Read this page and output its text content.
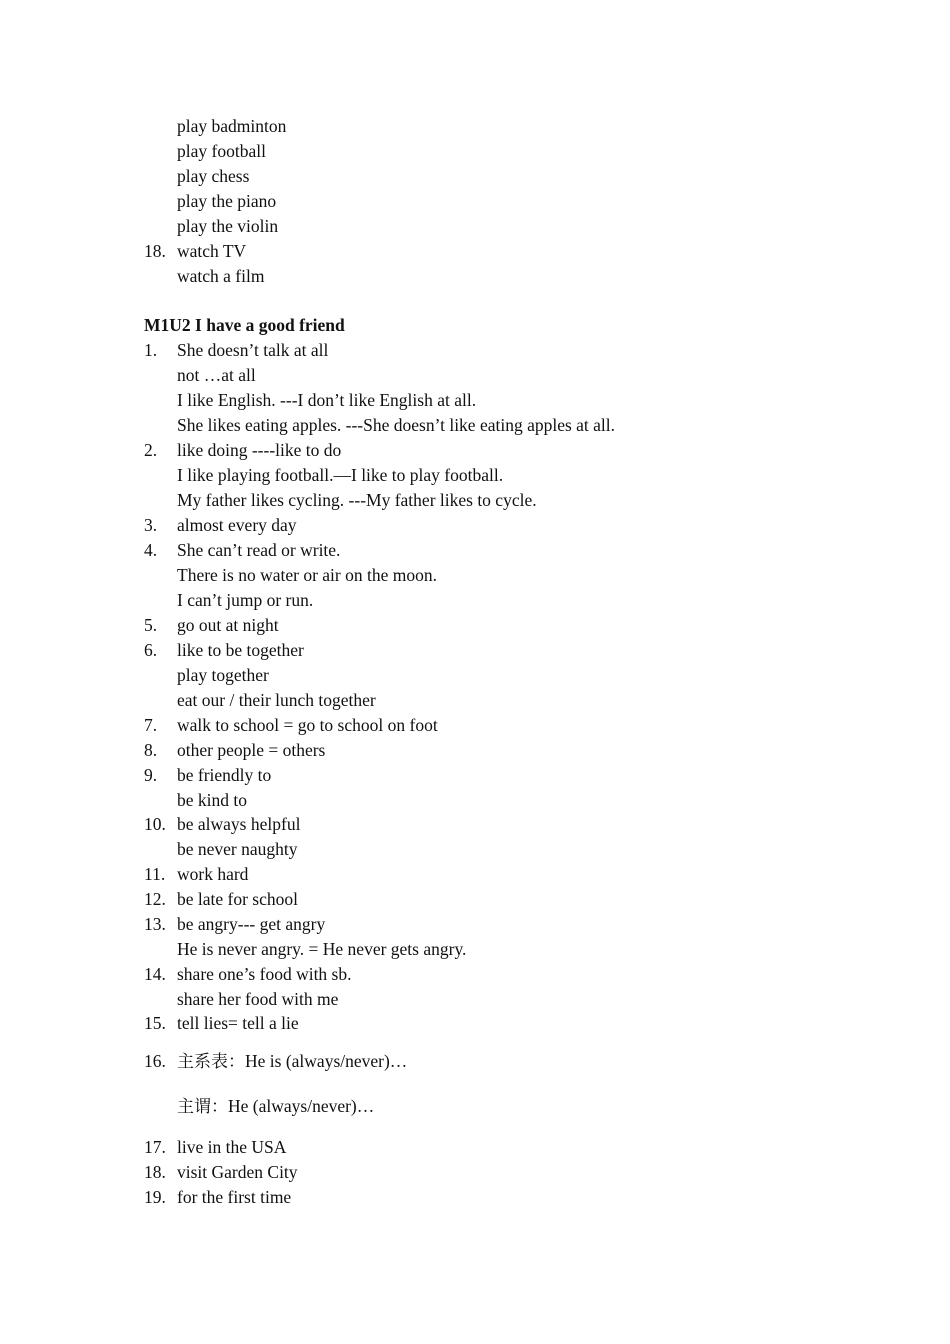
play badminton
play football
play chess
play the piano
play the violin
18. watch TV
watch a film
M1U2 I have a good friend
1. She doesn’t talk at all
not …at all
I like English. ---I don’t like English at all.
She likes eating apples. ---She doesn’t like eating apples at all.
2. like doing ----like to do
I like playing football.—I like to play football.
My father likes cycling. ---My father likes to cycle.
3. almost every day
4. She can’t read or write.
There is no water or air on the moon.
I can’t jump or run.
5. go out at night
6. like to be together
play together
eat our / their lunch together
7. walk to school = go to school on foot
8. other people = others
9. be friendly to
be kind to
10. be always helpful
be never naughty
11. work hard
12. be late for school
13. be angry--- get angry
He is never angry. = He never gets angry.
14. share one’s food with sb.
share her food with me
15. tell lies= tell a lie
16. 主系表：He is (always/never)…
主谓：He (always/never)…
17. live in the USA
18. visit Garden City
19. for the first time
